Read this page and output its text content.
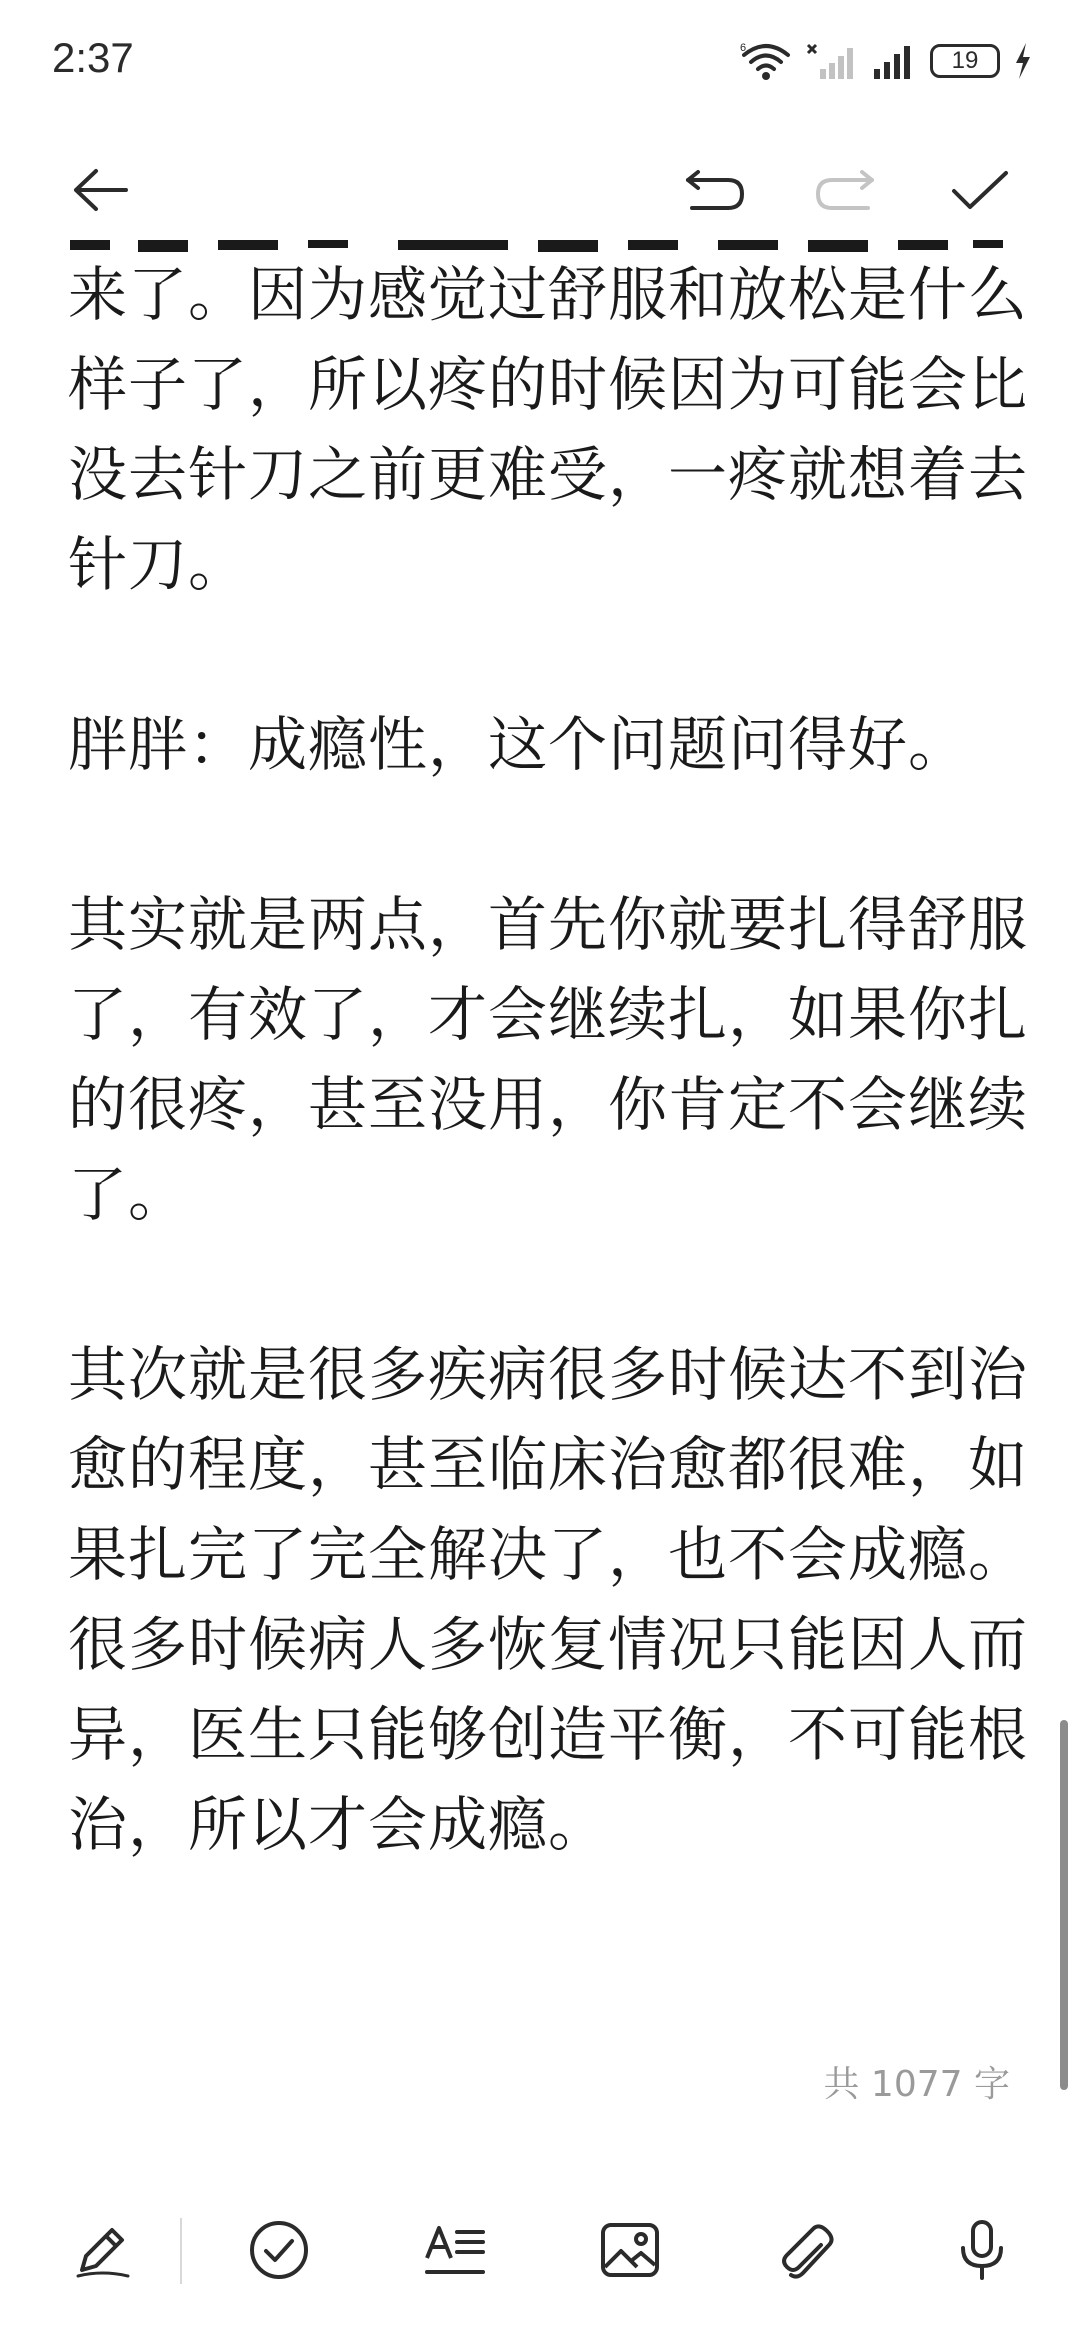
2:37	6	19

来了。因为感觉过舒服和放松是什么样子了，所以疼的时候因为可能会比没去针刀之前更难受，一疼就想着去针刀。

胖胖：成瘾性，这个问题问得好。

其实就是两点，首先你就要扎得舒服了，有效了，才会继续扎，如果你扎的很疼，甚至没用，你肯定不会继续了。

其次就是很多疾病很多时候达不到治愈的程度，甚至临床治愈都很难，如果扎完了完全解决了，也不会成瘾。很多时候病人多恢复情况只能因人而异，医生只能够创造平衡，不可能根治，所以才会成瘾。

共 1077 字
